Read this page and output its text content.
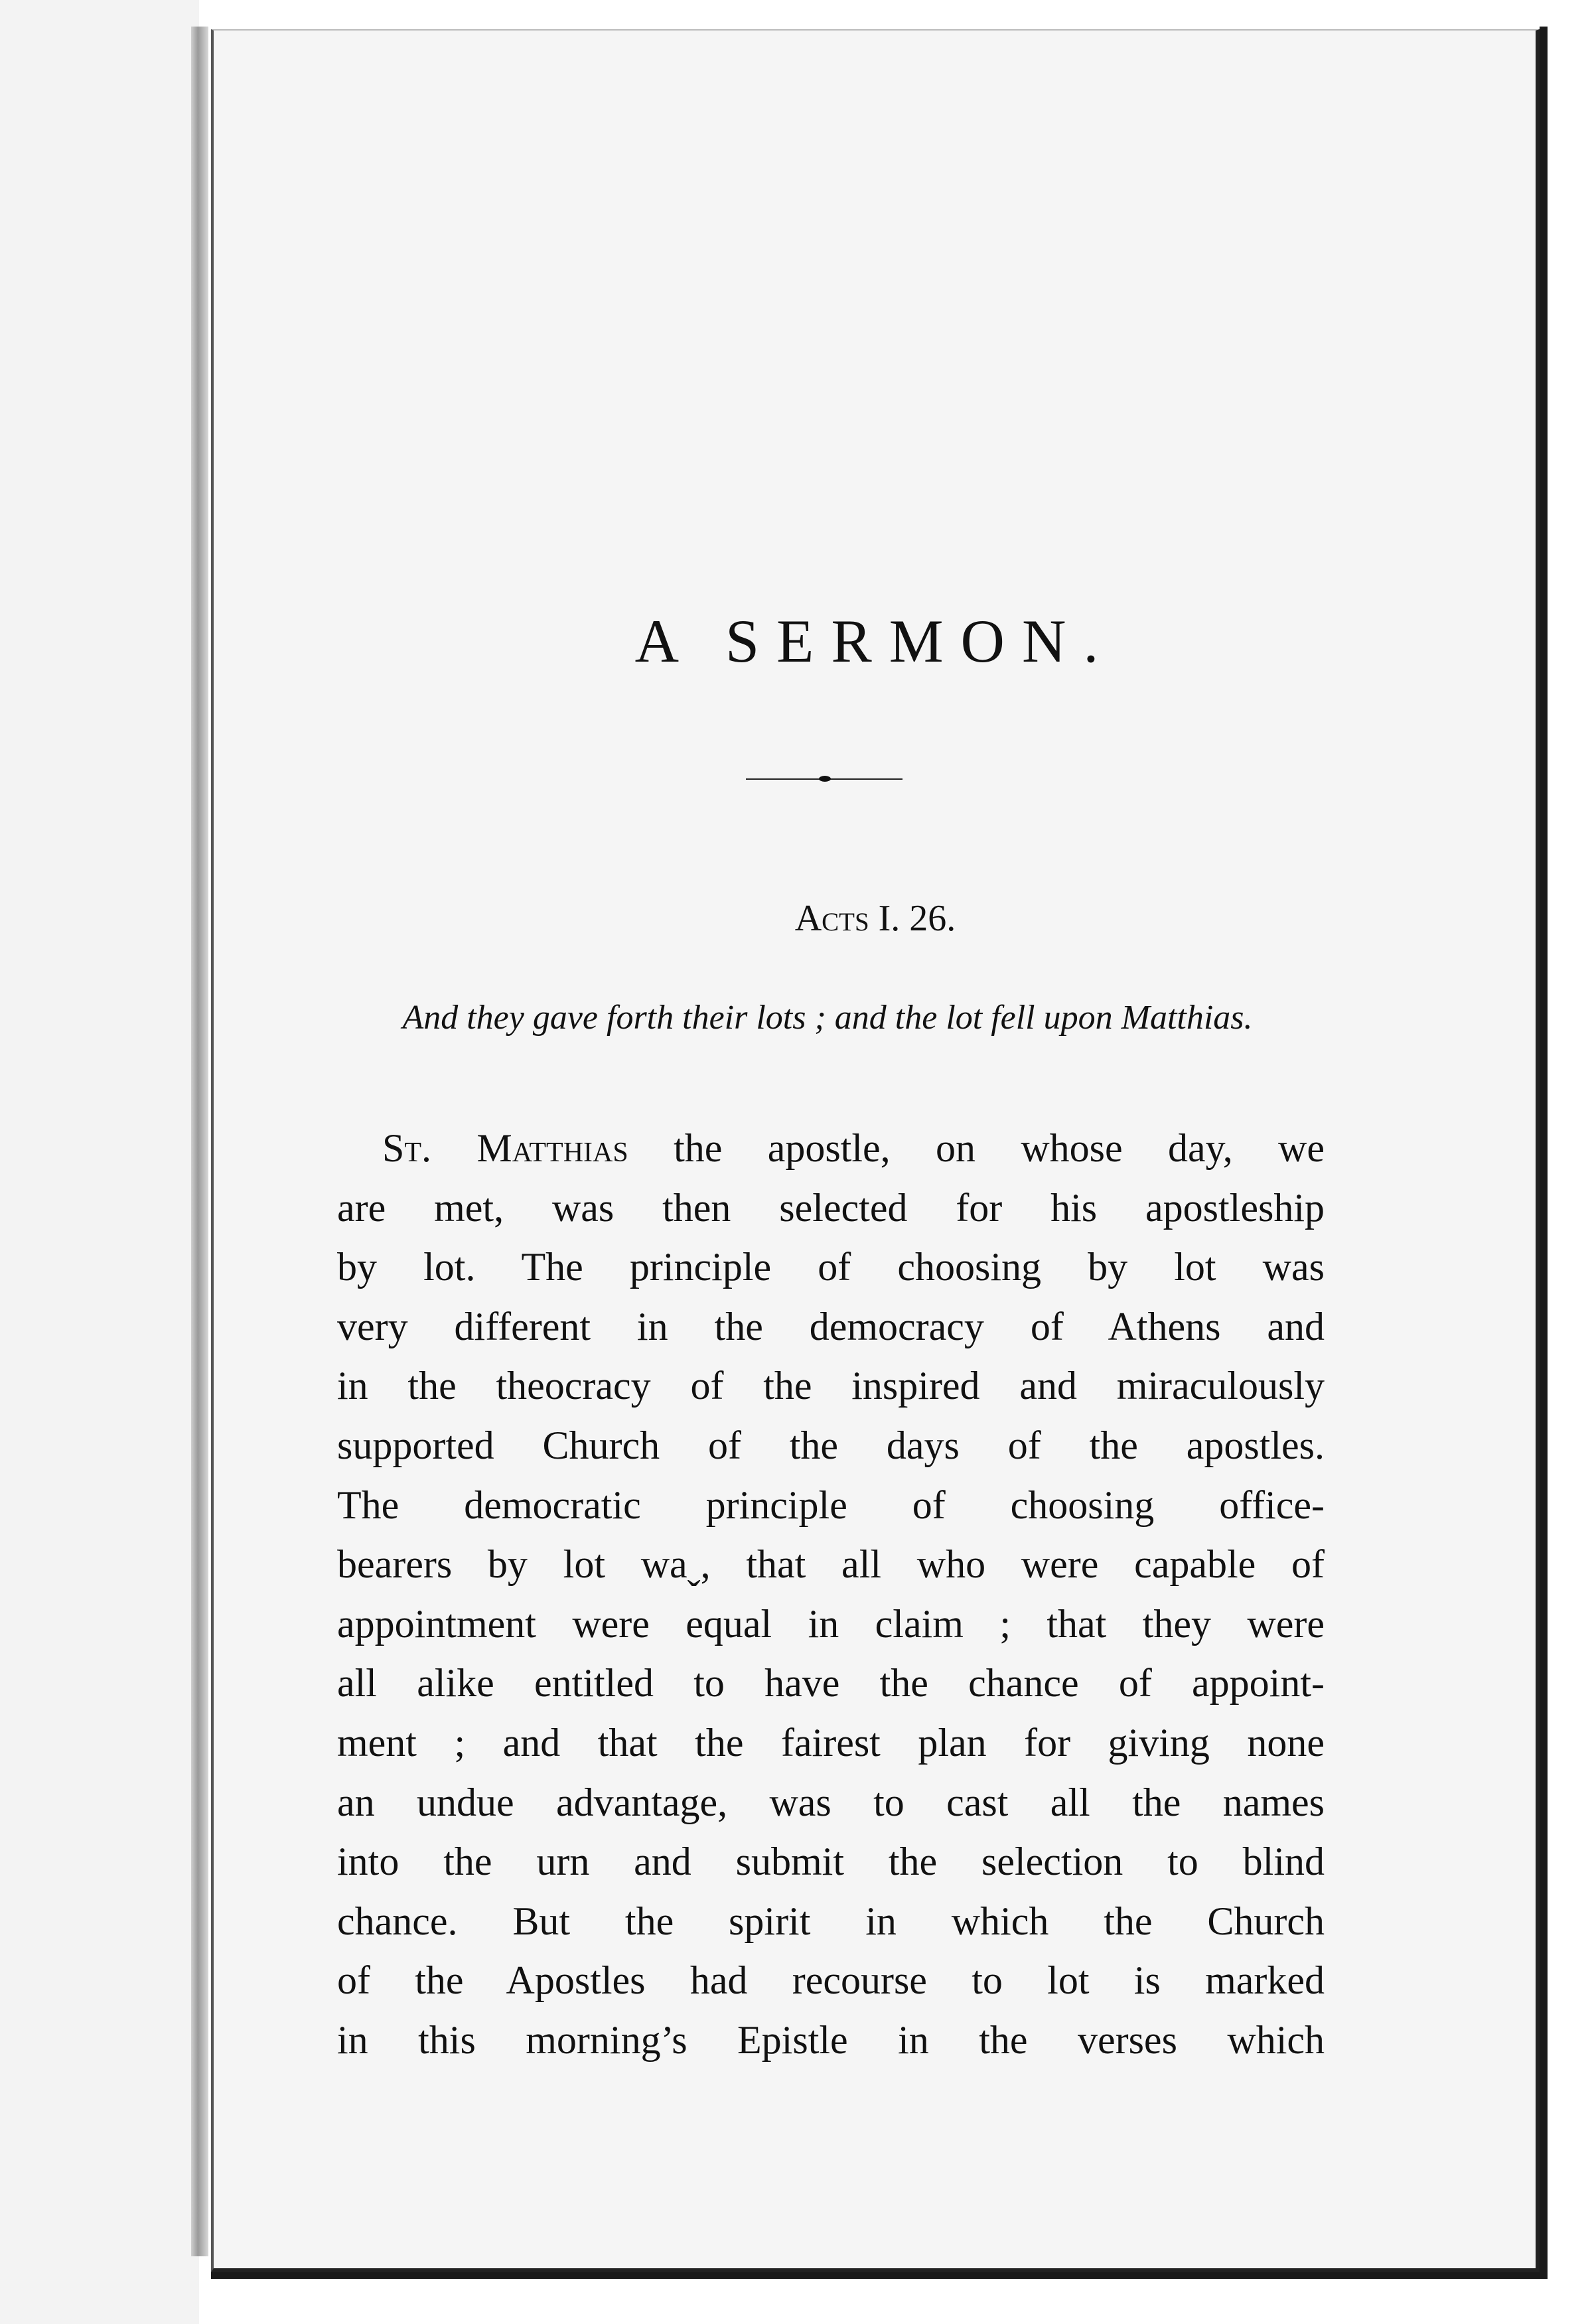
A SERMON.
Acts I. 26.
And they gave forth their lots ; and the lot fell upon Matthias.
St. Matthias the apostle, on whose day, we
are met, was then selected for his apostleship
by lot. The principle of choosing by lot was
very different in the democracy of Athens and
in the theocracy of the inspired and miraculously
supported Church of the days of the apostles.
The democratic principle of choosing office-
bearers by lot waˬ, that all who were capable of
appointment were equal in claim ; that they were
all alike entitled to have the chance of appoint-
ment ; and that the fairest plan for giving none
an undue advantage, was to cast all the names
into the urn and submit the selection to blind
chance. But the spirit in which the Church
of the Apostles had recourse to lot is marked
in this morning’s Epistle in the verses which
